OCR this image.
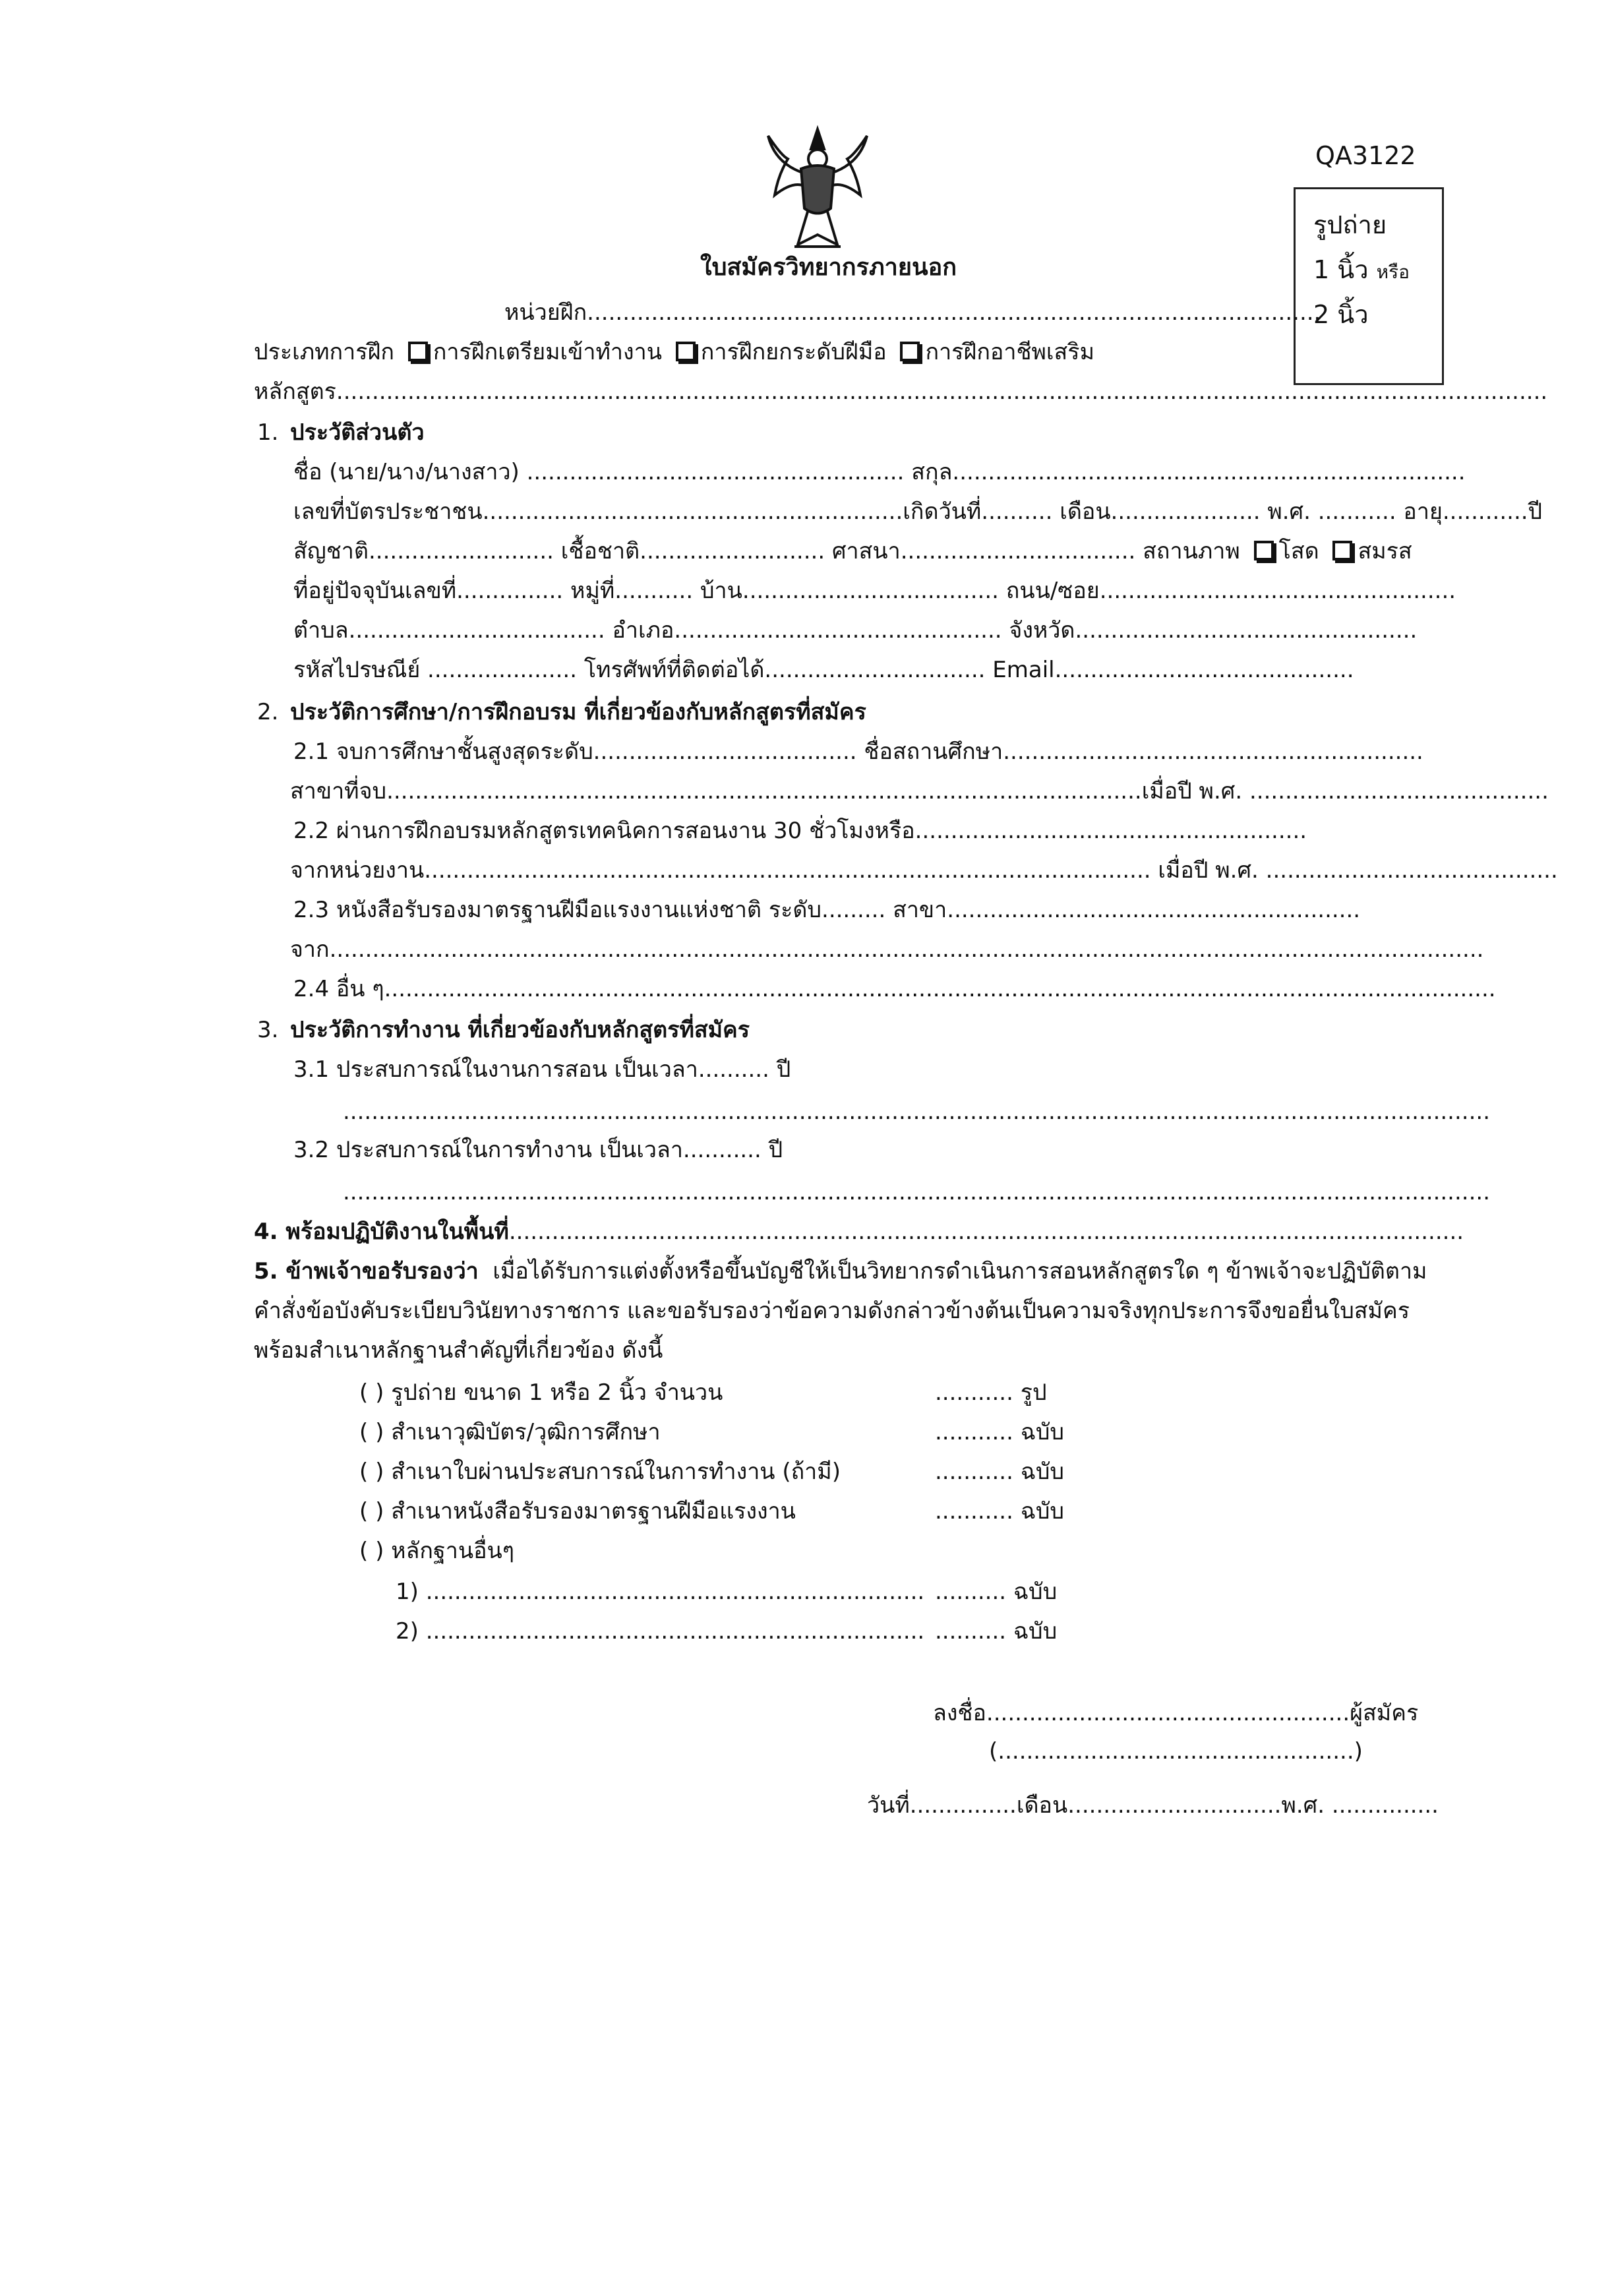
QA3122
รูปถ่าย
1 นิ้ว หรือ
2 นิ้ว
ใบสมัครวิทยากรภายนอก
หน่วยฝึก.......................................................................................................
ประเภทการฝึก การฝึกเตรียมเข้าทำงาน การฝึกยกระดับฝีมือ การฝึกอาชีพเสริม
หลักสูตร..........................................................................................................................................................................
1. ประวัติส่วนตัว
ชื่อ (นาย/นาง/นางสาว) ..................................................... สกุล........................................................................
เลขที่บัตรประชาชน...........................................................เกิดวันที่.......... เดือน..................... พ.ศ. ........... อายุ............ปี
สัญชาติ.......................... เชื้อชาติ.......................... ศาสนา................................. สถานภาพ โสด สมรส
ที่อยู่ปัจจุบันเลขที่............... หมู่ที่........... บ้าน.................................... ถนน/ซอย..................................................
ตำบล.................................... อำเภอ.............................................. จังหวัด................................................
รหัสไปรษณีย์ ..................... โทรศัพท์ที่ติดต่อได้............................... Email..........................................
2. ประวัติการศึกษา/การฝึกอบรม ที่เกี่ยวข้องกับหลักสูตรที่สมัคร
2.1 จบการศึกษาชั้นสูงสุดระดับ..................................... ชื่อสถานศึกษา...........................................................
สาขาที่จบ..........................................................................................................เมื่อปี พ.ศ. ..........................................
2.2 ผ่านการฝึกอบรมหลักสูตรเทคนิคการสอนงาน 30 ชั่วโมงหรือ.......................................................
จากหน่วยงาน...................................................................................................... เมื่อปี พ.ศ. .........................................
2.3 หนังสือรับรองมาตรฐานฝีมือแรงงานแห่งชาติ ระดับ......... สาขา..........................................................
จาก..................................................................................................................................................................
2.4 อื่น ๆ............................................................................................................................................................
3. ประวัติการทำงาน ที่เกี่ยวข้องกับหลักสูตรที่สมัคร
3.1 ประสบการณ์ในงานการสอน เป็นเวลา.......... ปี
.................................................................................................................................................................
3.2 ประสบการณ์ในการทำงาน เป็นเวลา........... ปี
.................................................................................................................................................................
4. พร้อมปฏิบัติงานในพื้นที่......................................................................................................................................
5. ข้าพเจ้าขอรับรองว่า เมื่อได้รับการแต่งตั้งหรือขึ้นบัญชีให้เป็นวิทยากรดำเนินการสอนหลักสูตรใด ๆ ข้าพเจ้าจะปฏิบัติตาม
คำสั่งข้อบังคับระเบียบวินัยทางราชการ และขอรับรองว่าข้อความดังกล่าวข้างต้นเป็นความจริงทุกประการจึงขอยื่นใบสมัคร
พร้อมสำเนาหลักฐานสำคัญที่เกี่ยวข้อง ดังนี้
( ) รูปถ่าย ขนาด 1 หรือ 2 นิ้ว จำนวน	........... รูป
( ) สำเนาวุฒิบัตร/วุฒิการศึกษา	........... ฉบับ
( ) สำเนาใบผ่านประสบการณ์ในการทำงาน (ถ้ามี)	........... ฉบับ
( ) สำเนาหนังสือรับรองมาตรฐานฝีมือแรงงาน	........... ฉบับ
( ) หลักฐานอื่นๆ
1) ...................................................................... .......... ฉบับ
2) ...................................................................... .......... ฉบับ
ลงชื่อ...................................................ผู้สมัคร
(..................................................)
วันที่...............เดือน..............................พ.ศ. ...............
